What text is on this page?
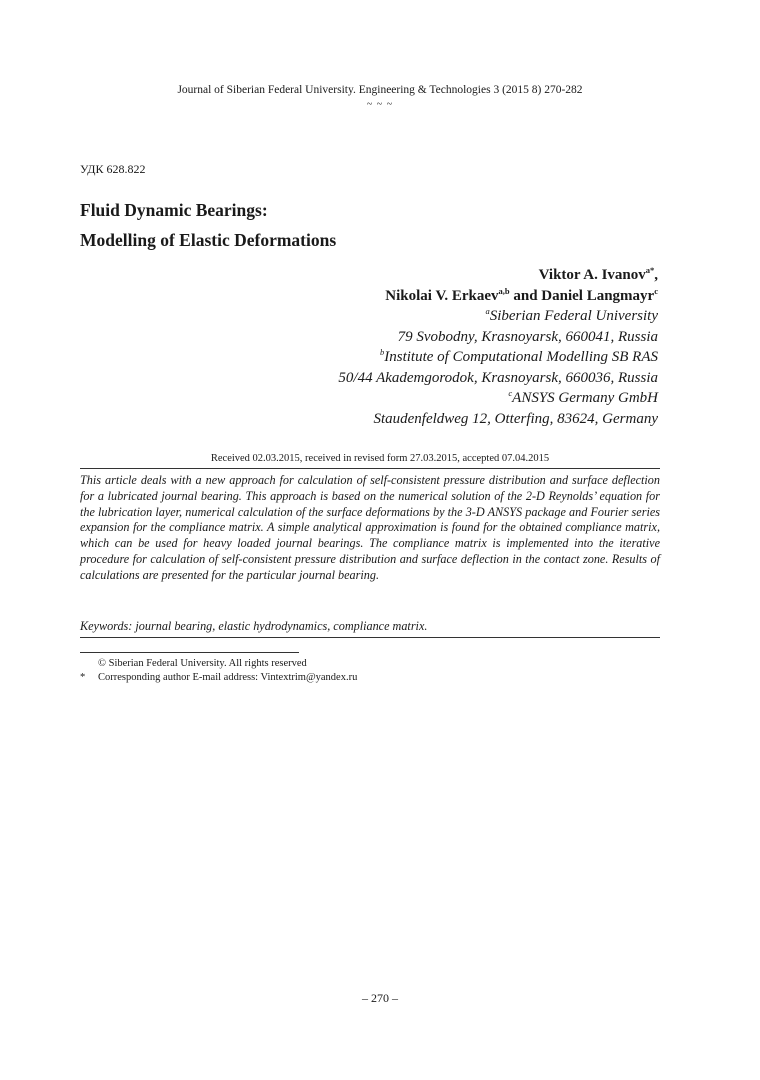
Journal of Siberian Federal University. Engineering & Technologies 3 (2015 8) 270-282
~ ~ ~
УДК 628.822
Fluid Dynamic Bearings:
Modelling of Elastic Deformations
Viktor A. Ivanov$^{a*}$,
Nikolai V. Erkaev$^{a,b}$ and Daniel Langmayr$^c$
$^a$Siberian Federal University
79 Svobodny, Krasnoyarsk, 660041, Russia
$^b$Institute of Computational Modelling SB RAS
50/44 Akademgorodok, Krasnoyarsk, 660036, Russia
$^c$ANSYS Germany GmbH
Staudenfeldweg 12, Otterfing, 83624, Germany
Received 02.03.2015, received in revised form 27.03.2015, accepted 07.04.2015

This article deals with a new approach for calculation of self-consistent pressure distribution and surface deflection for a lubricated journal bearing. This approach is based on the numerical solution of the 2-D Reynolds’ equation for the lubrication layer, numerical calculation of the surface deformations by the 3-D ANSYS package and Fourier series expansion for the compliance matrix. A simple analytical approximation is found for the obtained compliance matrix, which can be used for heavy loaded journal bearings. The compliance matrix is implemented into the iterative procedure for calculation of self-consistent pressure distribution and surface deflection in the contact zone. Results of calculations are presented for the particular journal bearing.

Keywords: journal bearing, elastic hydrodynamics, compliance matrix.
© Siberian Federal University. All rights reserved
* Corresponding author E-mail address: Vintextrim@yandex.ru
– 270 –
